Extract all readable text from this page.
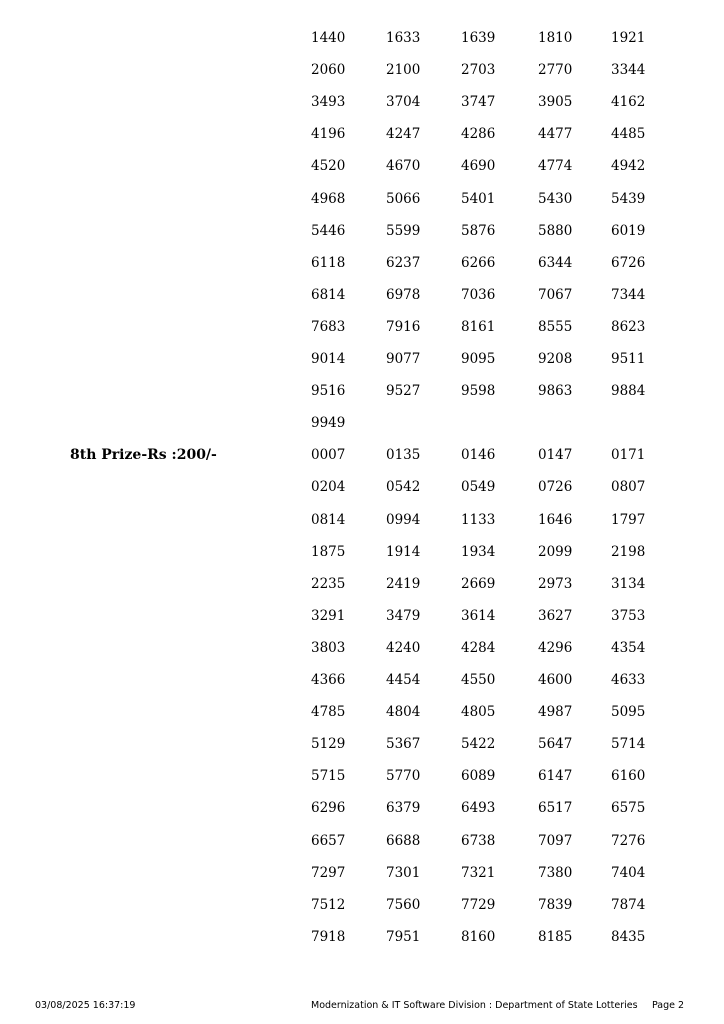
1440	1633	1639	1810	1921
2060	2100	2703	2770	3344
3493	3704	3747	3905	4162
4196	4247	4286	4477	4485
4520	4670	4690	4774	4942
4968	5066	5401	5430	5439
5446	5599	5876	5880	6019
6118	6237	6266	6344	6726
6814	6978	7036	7067	7344
7683	7916	8161	8555	8623
9014	9077	9095	9208	9511
9516	9527	9598	9863	9884
9949
8th Prize-Rs :200/-	0007	0135	0146	0147	0171
0204	0542	0549	0726	0807
0814	0994	1133	1646	1797
1875	1914	1934	2099	2198
2235	2419	2669	2973	3134
3291	3479	3614	3627	3753
3803	4240	4284	4296	4354
4366	4454	4550	4600	4633
4785	4804	4805	4987	5095
5129	5367	5422	5647	5714
5715	5770	6089	6147	6160
6296	6379	6493	6517	6575
6657	6688	6738	7097	7276
7297	7301	7321	7380	7404
7512	7560	7729	7839	7874
7918	7951	8160	8185	8435
03/08/2025 16:37:19	Modernization & IT Software Division : Department of State Lotteries Page 2
